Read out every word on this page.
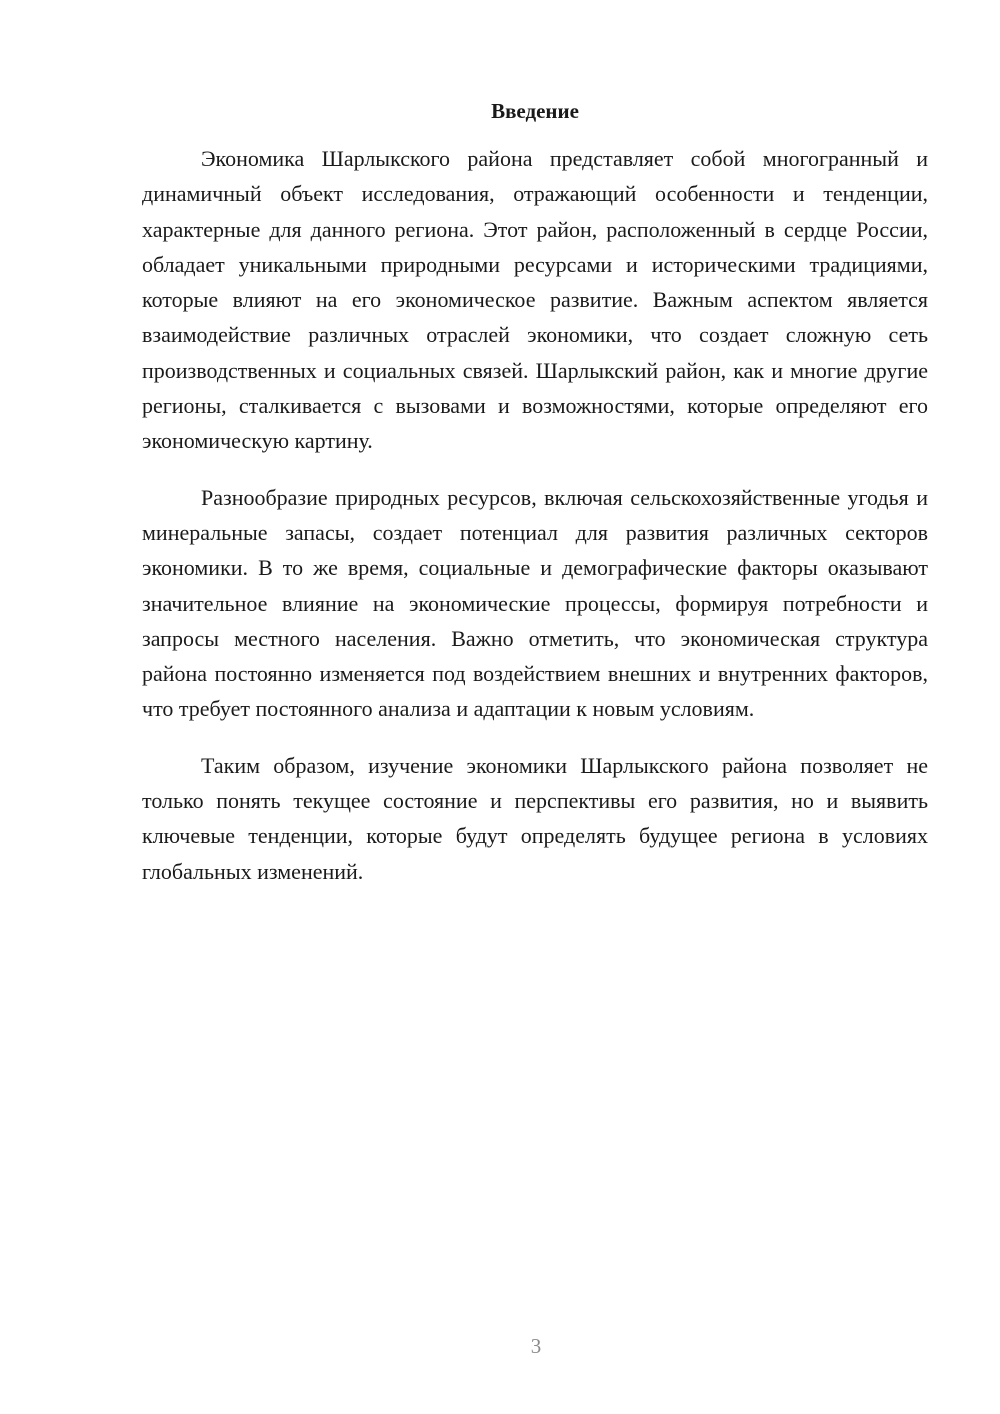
Введение

Экономика Шарлыкского района представляет собой многогранный и динамичный объект исследования, отражающий особенности и тенденции, характерные для данного региона. Этот район, расположенный в сердце России, обладает уникальными природными ресурсами и историческими традициями, которые влияют на его экономическое развитие. Важным аспектом является взаимодействие различных отраслей экономики, что создает сложную сеть производственных и социальных связей. Шарлыкский район, как и многие другие регионы, сталкивается с вызовами и возможностями, которые определяют его экономическую картину.

Разнообразие природных ресурсов, включая сельскохозяйственные угодья и минеральные запасы, создает потенциал для развития различных секторов экономики. В то же время, социальные и демографические факторы оказывают значительное влияние на экономические процессы, формируя потребности и запросы местного населения. Важно отметить, что экономическая структура района постоянно изменяется под воздействием внешних и внутренних факторов, что требует постоянного анализа и адаптации к новым условиям.

Таким образом, изучение экономики Шарлыкского района позволяет не только понять текущее состояние и перспективы его развития, но и выявить ключевые тенденции, которые будут определять будущее региона в условиях глобальных изменений.

3
